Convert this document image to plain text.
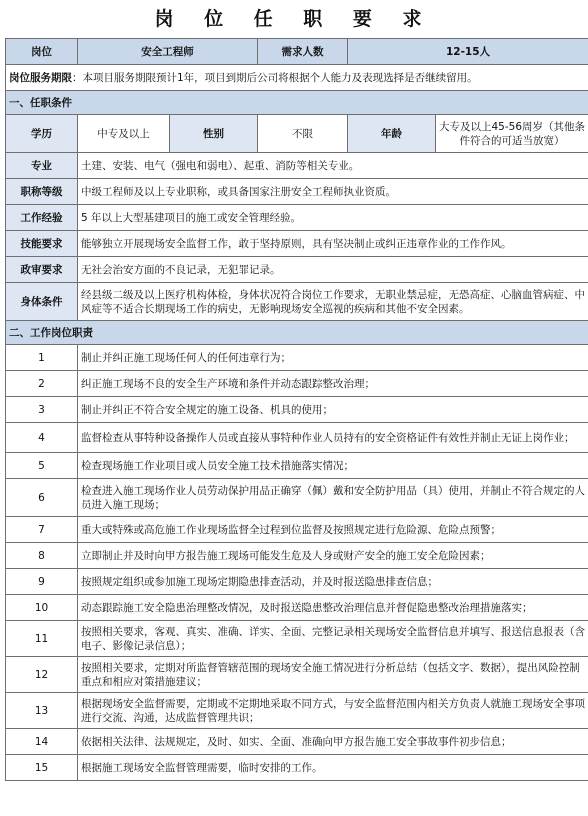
岗 位 任 职 要 求
岗位	安全工程师		需求人数	12-15人	
岗位服务期限：本项目服务期限预计1年，项目到期后公司将根据个人能力及表现选择是否继续留用。					
一、任职条件					
学历	中专及以上	性别	不限	年龄	大专及以上45-56周岁（其他条件符合的可适当放宽）
专业	土建、安装、电气（强电和弱电）、起重、消防等相关专业。				
职称等级	中级工程师及以上专业职称，或具备国家注册安全工程师执业资质。				
工作经验	5 年以上大型基建项目的施工或安全管理经验。				
技能要求	能够独立开展现场安全监督工作，敢于坚持原则，具有坚决制止或纠正违章作业的工作作风。				
政审要求	无社会治安方面的不良记录，无犯罪记录。				
身体条件	经县级二级及以上医疗机构体检，身体状况符合岗位工作要求，无职业禁忌症，无恐高症、心脑血管病症、中风症等不适合长期现场工作的病史，无影响现场安全巡视的疾病和其他不安全因素。				
二、工作岗位职责					
1	制止并纠正施工现场任何人的任何违章行为；				
2	纠正施工现场不良的安全生产环境和条件并动态跟踪整改治理；				
3	制止并纠正不符合安全规定的施工设备、机具的使用；				
4	监督检查从事特种设备操作人员或直接从事特种作业人员持有的安全资格证件有效性并制止无证上岗作业；				
5	检查现场施工作业项目或人员安全施工技术措施落实情况；				
6	检查进入施工现场作业人员劳动保护用品正确穿（佩）戴和安全防护用品（具）使用，并制止不符合规定的人员进入施工现场；				
7	重大或特殊或高危施工作业现场监督全过程到位监督及按照规定进行危险源、危险点预警；				
8	立即制止并及时向甲方报告施工现场可能发生危及人身或财产安全的施工安全危险因素；				
9	按照规定组织或参加施工现场定期隐患排查活动，并及时报送隐患排查信息；				
10	动态跟踪施工安全隐患治理整改情况，及时报送隐患整改治理信息并督促隐患整改治理措施落实；				
11	按照相关要求，客观、真实、准确、详实、全面、完整记录相关现场安全监督信息并填写、报送信息报表（含电子、影像记录信息）；				
12	按照相关要求，定期对所监督管辖范围的现场安全施工情况进行分析总结（包括文字、数据），提出风险控制重点和相应对策措施建议；				
13	根据现场安全监督需要，定期或不定期地采取不同方式，与安全监督范围内相关方负责人就施工现场安全事项进行交流、沟通，达成监督管理共识；				
14	依据相关法律、法规规定，及时、如实、全面、准确向甲方报告施工安全事故事件初步信息；				
15	根据施工现场安全监督管理需要，临时安排的工作。				
